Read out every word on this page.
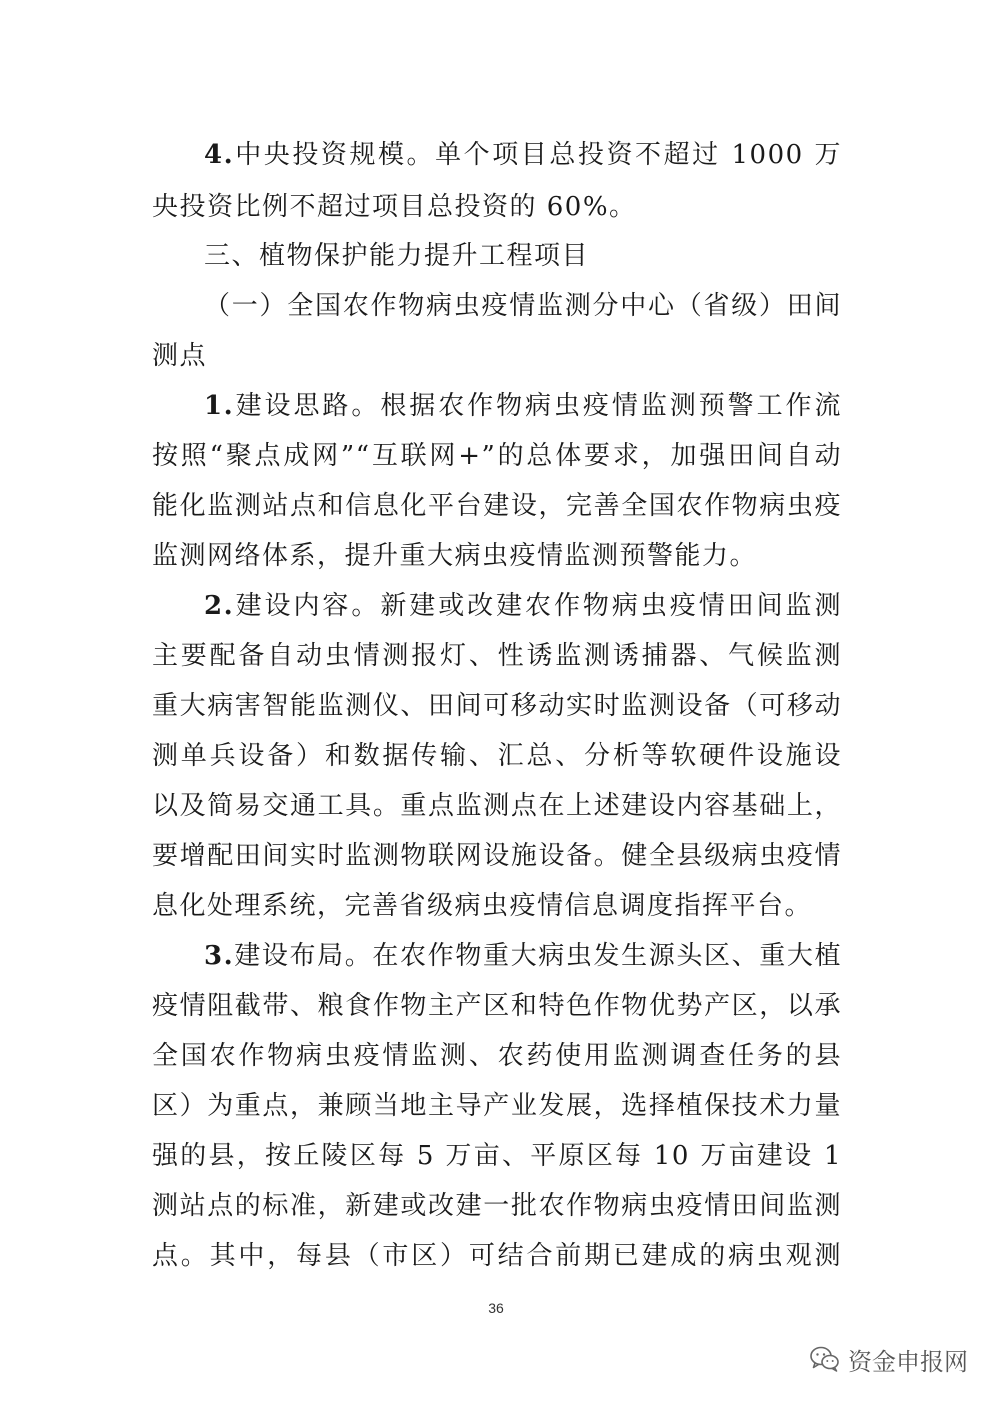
4.中央投资规模。单个项目总投资不超过 1000 万
央投资比例不超过项目总投资的 60%。
三、植物保护能力提升工程项目
（一）全国农作物病虫疫情监测分中心（省级）田间
测点
1.建设思路。根据农作物病虫疫情监测预警工作流
按照“聚点成网”“互联网+”的总体要求，加强田间自动
能化监测站点和信息化平台建设，完善全国农作物病虫疫
监测网络体系，提升重大病虫疫情监测预警能力。
2.建设内容。新建或改建农作物病虫疫情田间监测
主要配备自动虫情测报灯、性诱监测诱捕器、气候监测
重大病害智能监测仪、田间可移动实时监测设备（可移动
测单兵设备）和数据传输、汇总、分析等软硬件设施设
以及简易交通工具。重点监测点在上述建设内容基础上，
要增配田间实时监测物联网设施设备。健全县级病虫疫情
息化处理系统，完善省级病虫疫情信息调度指挥平台。
3.建设布局。在农作物重大病虫发生源头区、重大植
疫情阻截带、粮食作物主产区和特色作物优势产区，以承
全国农作物病虫疫情监测、农药使用监测调查任务的县
区）为重点，兼顾当地主导产业发展，选择植保技术力量
强的县，按丘陵区每 5 万亩、平原区每 10 万亩建设 1
测站点的标准，新建或改建一批农作物病虫疫情田间监测
点。其中，每县（市区）可结合前期已建成的病虫观测
36
资金申报网
